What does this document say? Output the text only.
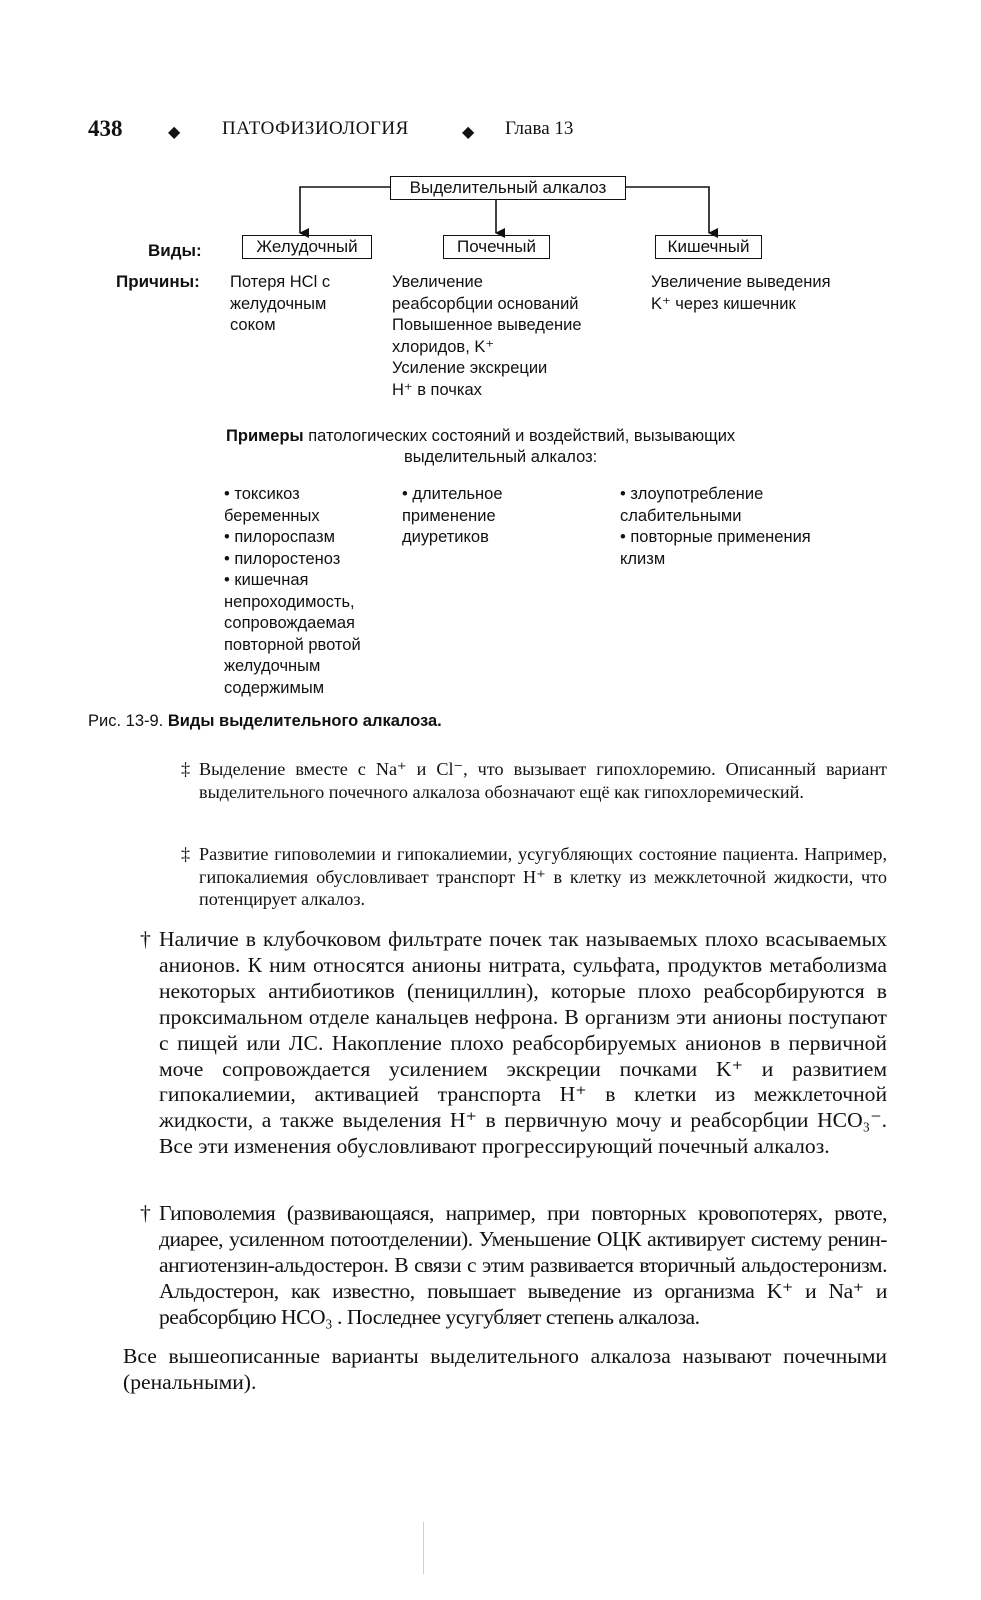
438	◆ ПАТОФИЗИОЛОГИЯ	◆ Глава 13
Выделительный алкалоз
Виды:
Причины:
Желудочный	Почечный	Кишечный
Потеря HCl с
желудочным
соком
Увеличение
реабсорбции оснований
Повышенное выведение
хлоридов, K⁺
Усиление экскреции
H⁺ в почках
Увеличение выведения
K⁺ через кишечник
Примеры патологических состояний и воздействий, вызывающих
выделительный алкалоз:
• токсикоз
беременных
• пилороспазм
• пилоростеноз
• кишечная
непроходимость,
сопровождаемая
повторной рвотой
желудочным
содержимым
• длительное
применение
диуретиков
• злоупотребление
слабительными
• повторные применения
клизм
Рис. 13-9. Виды выделительного алкалоза.
‡ Выделение вместе с Na⁺ и Cl⁻, что вызывает гипохлоремию. Описанный вариант выделительного почечного алкалоза обозначают ещё как гипохлоремический.
‡ Развитие гиповолемии и гипокалиемии, усугубляющих состояние пациента. Например, гипокалиемия обусловливает транспорт H⁺ в клетку из межклеточной жидкости, что потенцирует алкалоз.
† Наличие в клубочковом фильтрате почек так называемых плохо всасываемых анионов. К ним относятся анионы нитрата, сульфата, продуктов метаболизма некоторых антибиотиков (пенициллин), которые плохо реабсорбируются в проксимальном отделе канальцев нефрона. В организм эти анионы поступают с пищей или ЛС. Накопление плохо реабсорбируемых анионов в первичной моче сопровождается усилением экскреции почками K⁺ и развитием гипокалиемии, активацией транспорта H⁺ в клетки из межклеточной жидкости, а также выделения H⁺ в первичную мочу и реабсорбции HCO₃⁻. Все эти изменения обусловливают прогрессирующий почечный алкалоз.
† Гиповолемия (развивающаяся, например, при повторных кровопотерях, рвоте, диарее, усиленном потоотделении). Уменьшение ОЦК активирует систему ренин-ангиотензин-альдостерон. В связи с этим развивается вторичный альдостеронизм. Альдостерон, как известно, повышает выведение из организма K⁺ и Na⁺ и реабсорбцию HCO₃ . Последнее усугубляет степень алкалоза.
Все вышеописанные варианты выделительного алкалоза называют почечными (ренальными).
